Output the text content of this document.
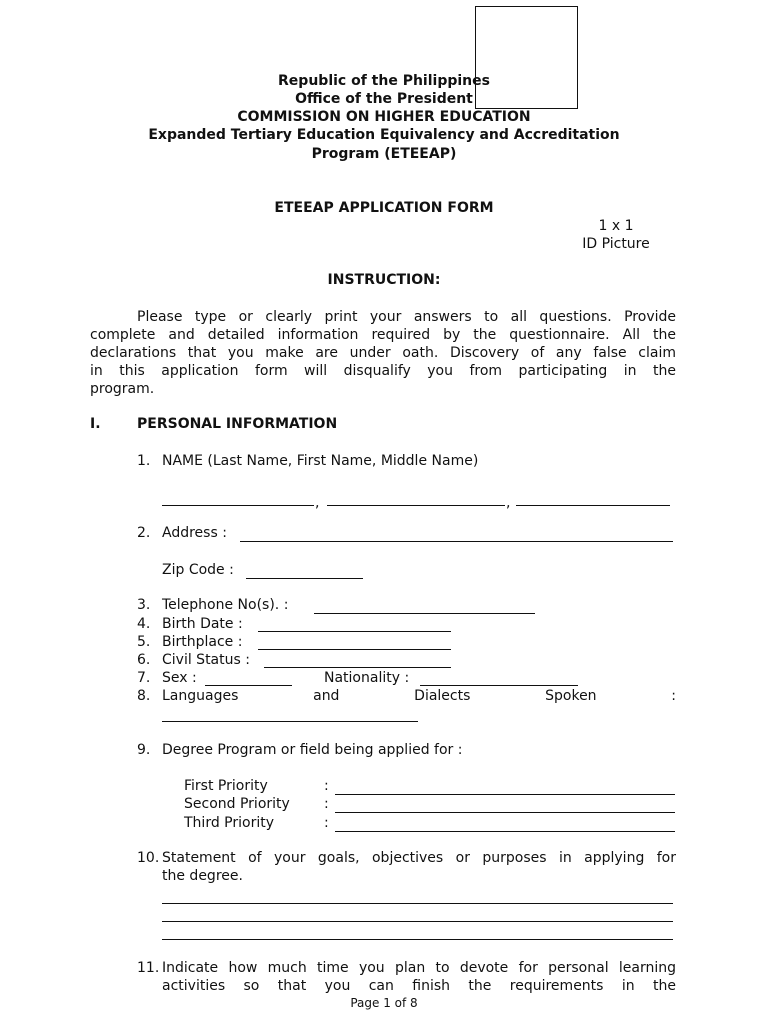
Republic of the Philippines
Office of the President
COMMISSION ON HIGHER EDUCATION
Expanded Tertiary Education Equivalency and Accreditation
Program (ETEEAP)
ETEEAP APPLICATION FORM
1 x 1
ID Picture
INSTRUCTION:
Please type or clearly print your answers to all questions. Provide
complete and detailed information required by the questionnaire. All the
declarations that you make are under oath. Discovery of any false claim
in this application form will disqualify you from participating in the
program.
I.	PERSONAL INFORMATION
1. NAME (Last Name, First Name, Middle Name)
,	,
2. Address :
Zip Code :
3. Telephone No(s). :
4. Birth Date :
5. Birthplace :
6. Civil Status :
7. Sex :	Nationality :
8. Languages	and	Dialects	Spoken	:
9. Degree Program or field being applied for :
First Priority	:
Second Priority :
Third Priority	:
10. Statement of your goals, objectives or purposes in applying for
the degree.
11. Indicate how much time you plan to devote for personal learning
activities so that you can finish the requirements in the
Page 1 of 8
